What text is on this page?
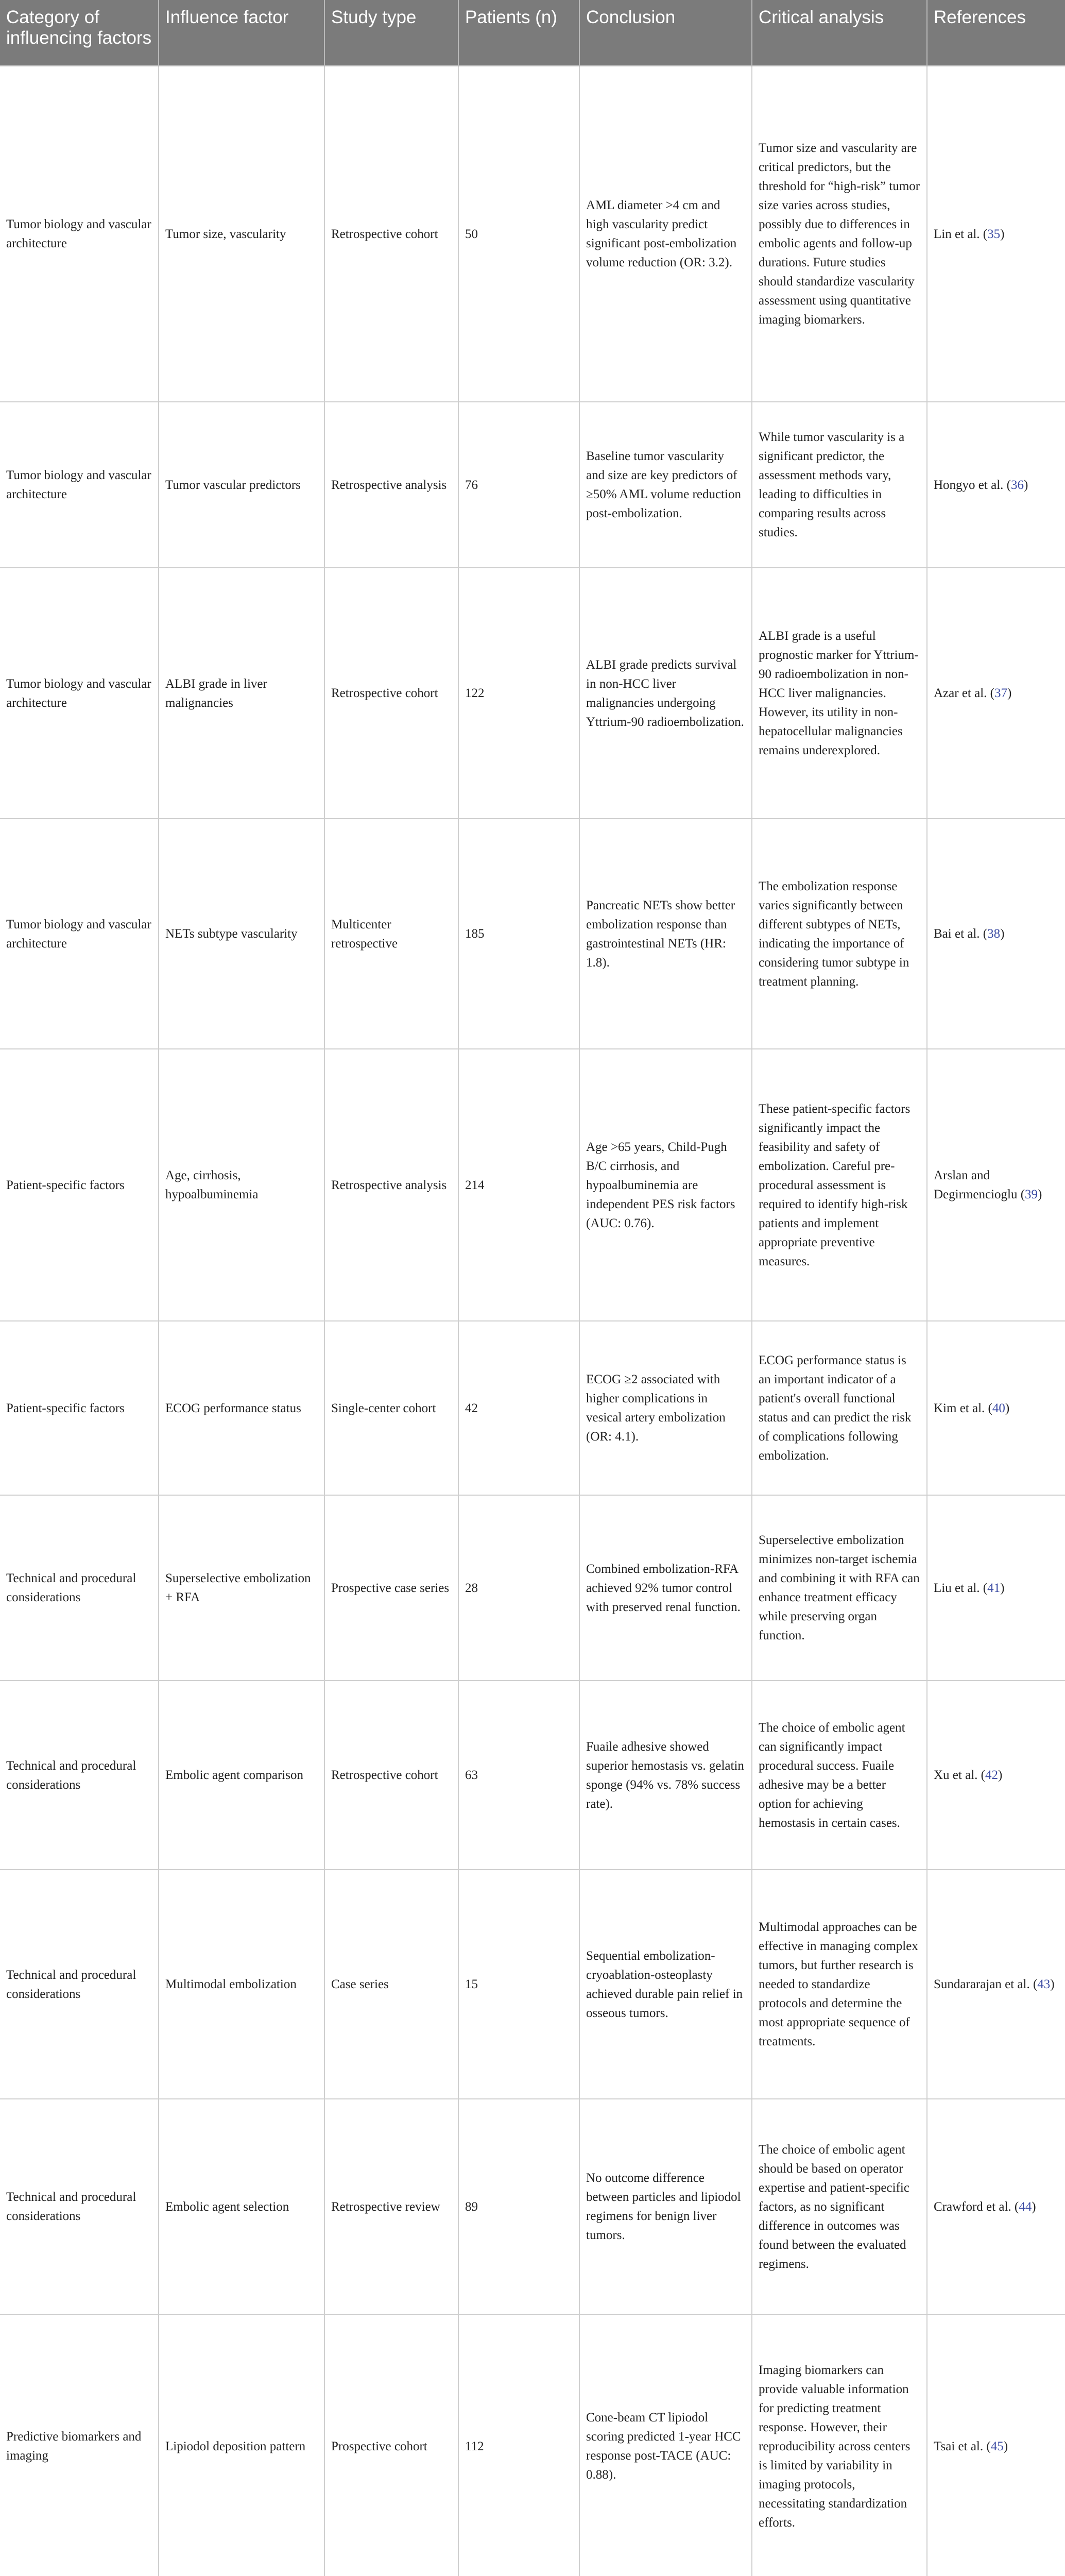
Category of influencing factors	Influence factor	Study type	Patients (n)	Conclusion	Critical analysis	References
Tumor biology and vascular architecture	Tumor size, vascularity	Retrospective cohort	50	AML diameter >4 cm and high vascularity predict significant post-embolization volume reduction (OR: 3.2).	Tumor size and vascularity are critical predictors, but the threshold for “high-risk” tumor size varies across studies, possibly due to differences in embolic agents and follow-up durations. Future studies should standardize vascularity assessment using quantitative imaging biomarkers.	Lin et al. (35)
Tumor biology and vascular architecture	Tumor vascular predictors	Retrospective analysis	76	Baseline tumor vascularity and size are key predictors of ≥50% AML volume reduction post-embolization.	While tumor vascularity is a significant predictor, the assessment methods vary, leading to difficulties in comparing results across studies.	Hongyo et al. (36)
Tumor biology and vascular architecture	ALBI grade in liver malignancies	Retrospective cohort	122	ALBI grade predicts survival in non-HCC liver malignancies undergoing Yttrium-90 radioembolization.	ALBI grade is a useful prognostic marker for Yttrium-90 radioembolization in non-HCC liver malignancies. However, its utility in non-hepatocellular malignancies remains underexplored.	Azar et al. (37)
Tumor biology and vascular architecture	NETs subtype vascularity	Multicenter retrospective	185	Pancreatic NETs show better embolization response than gastrointestinal NETs (HR: 1.8).	The embolization response varies significantly between different subtypes of NETs, indicating the importance of considering tumor subtype in treatment planning.	Bai et al. (38)
Patient-specific factors	Age, cirrhosis, hypoalbuminemia	Retrospective analysis	214	Age >65 years, Child-Pugh B/C cirrhosis, and hypoalbuminemia are independent PES risk factors (AUC: 0.76).	These patient-specific factors significantly impact the feasibility and safety of embolization. Careful pre-procedural assessment is required to identify high-risk patients and implement appropriate preventive measures.	Arslan and Degirmencioglu (39)
Patient-specific factors	ECOG performance status	Single-center cohort	42	ECOG ≥2 associated with higher complications in vesical artery embolization (OR: 4.1).	ECOG performance status is an important indicator of a patient's overall functional status and can predict the risk of complications following embolization.	Kim et al. (40)
Technical and procedural considerations	Superselective embolization + RFA	Prospective case series	28	Combined embolization-RFA achieved 92% tumor control with preserved renal function.	Superselective embolization minimizes non-target ischemia and combining it with RFA can enhance treatment efficacy while preserving organ function.	Liu et al. (41)
Technical and procedural considerations	Embolic agent comparison	Retrospective cohort	63	Fuaile adhesive showed superior hemostasis vs. gelatin sponge (94% vs. 78% success rate).	The choice of embolic agent can significantly impact procedural success. Fuaile adhesive may be a better option for achieving hemostasis in certain cases.	Xu et al. (42)
Technical and procedural considerations	Multimodal embolization	Case series	15	Sequential embolization-cryoablation-osteoplasty achieved durable pain relief in osseous tumors.	Multimodal approaches can be effective in managing complex tumors, but further research is needed to standardize protocols and determine the most appropriate sequence of treatments.	Sundararajan et al. (43)
Technical and procedural considerations	Embolic agent selection	Retrospective review	89	No outcome difference between particles and lipiodol regimens for benign liver tumors.	The choice of embolic agent should be based on operator expertise and patient-specific factors, as no significant difference in outcomes was found between the evaluated regimens.	Crawford et al. (44)
Predictive biomarkers and imaging	Lipiodol deposition pattern	Prospective cohort	112	Cone-beam CT lipiodol scoring predicted 1-year HCC response post-TACE (AUC: 0.88).	Imaging biomarkers can provide valuable information for predicting treatment response. However, their reproducibility across centers is limited by variability in imaging protocols, necessitating standardization efforts.	Tsai et al. (45)
